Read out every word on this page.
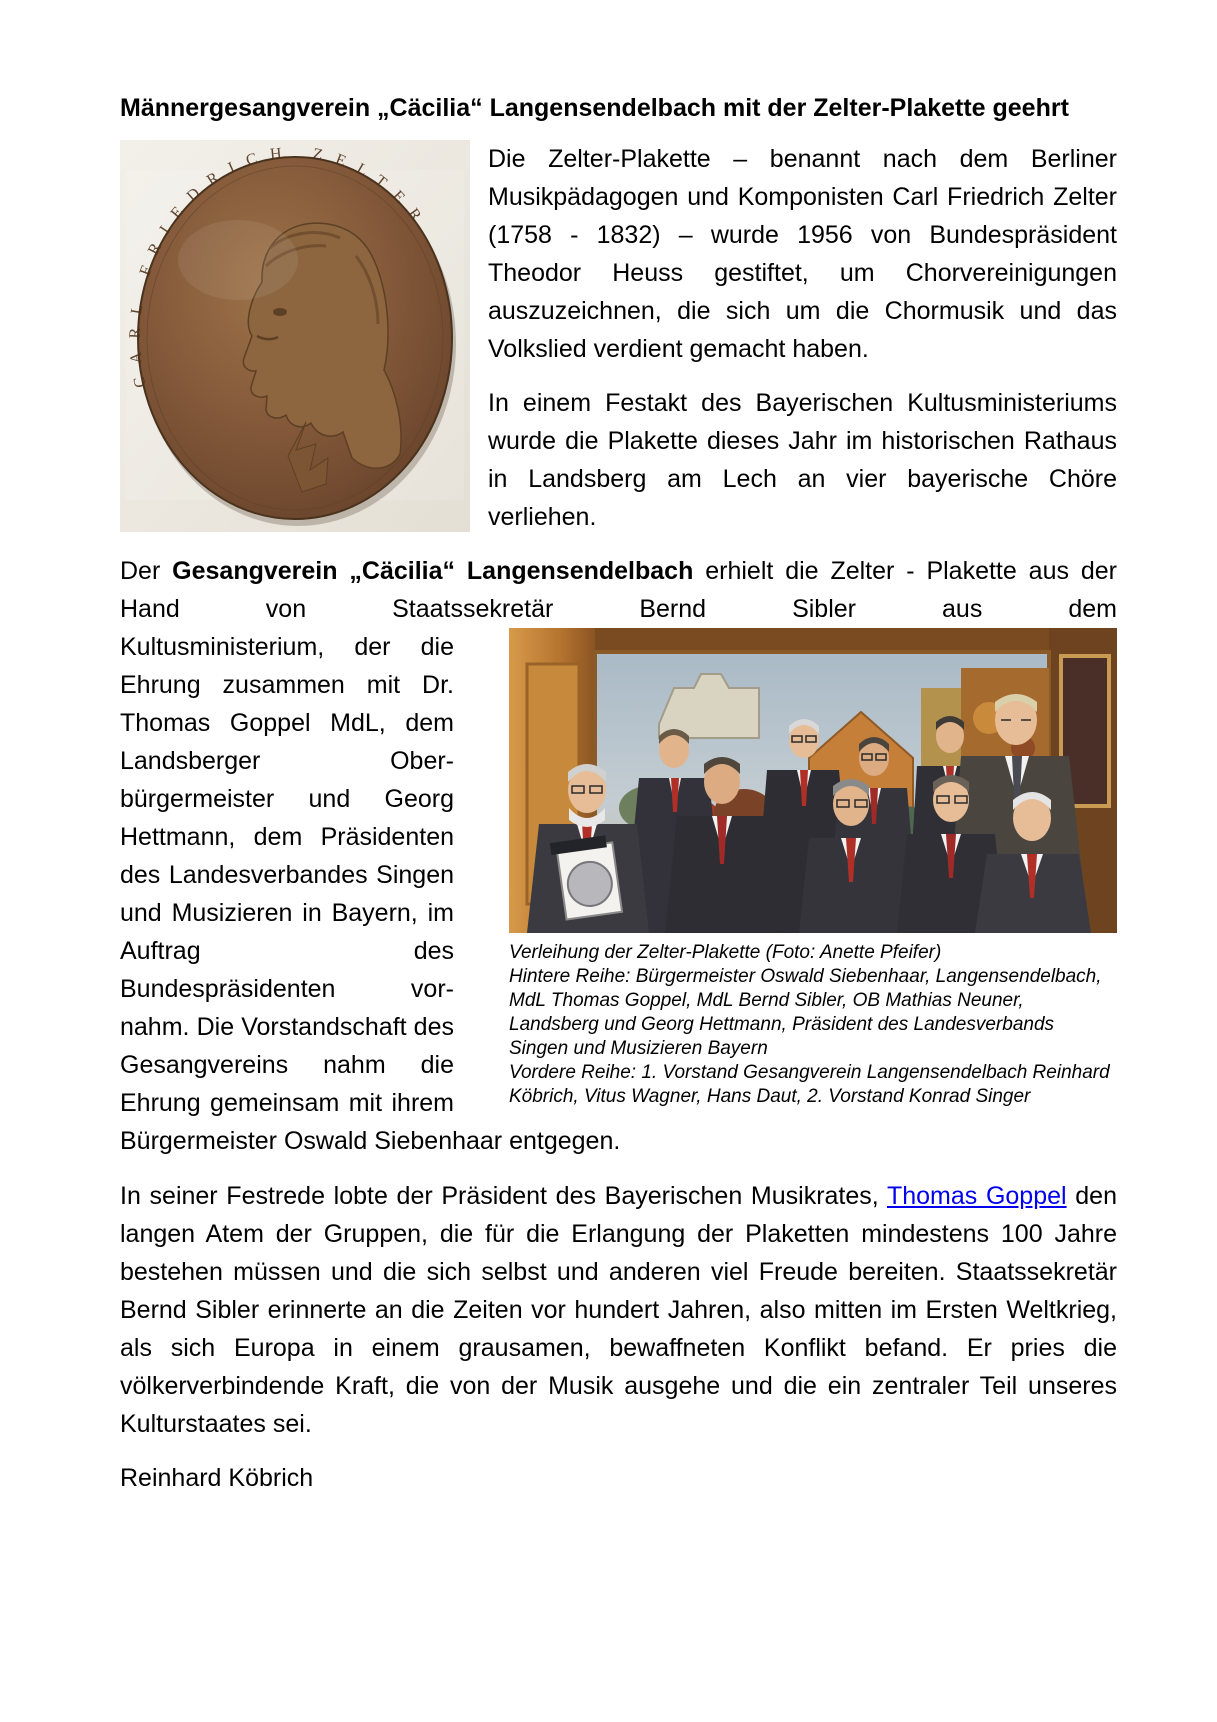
Männergesangverein „Cäcilia“ Langensendelbach mit der Zelter-Plakette geehrt
CARL FRIEDRICH ZELTER

Die Zelter-Plakette – benannt nach dem Berliner Musikpädagogen und Komponisten Carl Friedrich Zelter (1758 - 1832) – wurde 1956 von Bundespräsident Theodor Heuss gestiftet, um Chorvereinigungen auszuzeichnen, die sich um die Chormusik und das Volkslied verdient gemacht haben.

In einem Festakt des Bayerischen Kultusministeriums wurde die Plakette dieses Jahr im historischen Rathaus in Landsberg am Lech an vier bayerische Chöre verliehen.

Der Gesangverein „Cäcilia“ Langensendelbach erhielt die Zelter - Plakette aus der Hand von Staatssekretär Bernd Sibler aus dem

Verleihung der Zelter-Plakette (Foto: Anette Pfeifer)
Hintere Reihe: Bürgermeister Oswald Siebenhaar, Langensendelbach, MdL Thomas Goppel, MdL Bernd Sibler, OB Mathias Neuner, Landsberg und Georg Hettmann, Präsident des Landesverbands Singen und Musizieren Bayern
Vordere Reihe: 1. Vorstand Gesangverein Langensendelbach Reinhard Köbrich, Vitus Wagner, Hans Daut, 2. Vorstand Konrad Singer

Kultusministerium, der die Ehrung zusammen mit Dr. Thomas Goppel MdL, dem Landsberger Ober-bürgermeister und Georg Hettmann, dem Präsidenten des Landesverbandes Singen und Musizieren in Bayern, im Auftrag des Bundespräsidenten vor-nahm. Die Vorstandschaft des Gesangvereins nahm die Ehrung gemeinsam mit ihrem Bürgermeister Oswald Siebenhaar entgegen.

In seiner Festrede lobte der Präsident des Bayerischen Musikrates, Thomas Goppel den langen Atem der Gruppen, die für die Erlangung der Plaketten mindestens 100 Jahre bestehen müssen und die sich selbst und anderen viel Freude bereiten. Staatssekretär Bernd Sibler erinnerte an die Zeiten vor hundert Jahren, also mitten im Ersten Weltkrieg, als sich Europa in einem grausamen, bewaffneten Konflikt befand. Er pries die völkerverbindende Kraft, die von der Musik ausgehe und die ein zentraler Teil unseres Kulturstaates sei.

Reinhard Köbrich
